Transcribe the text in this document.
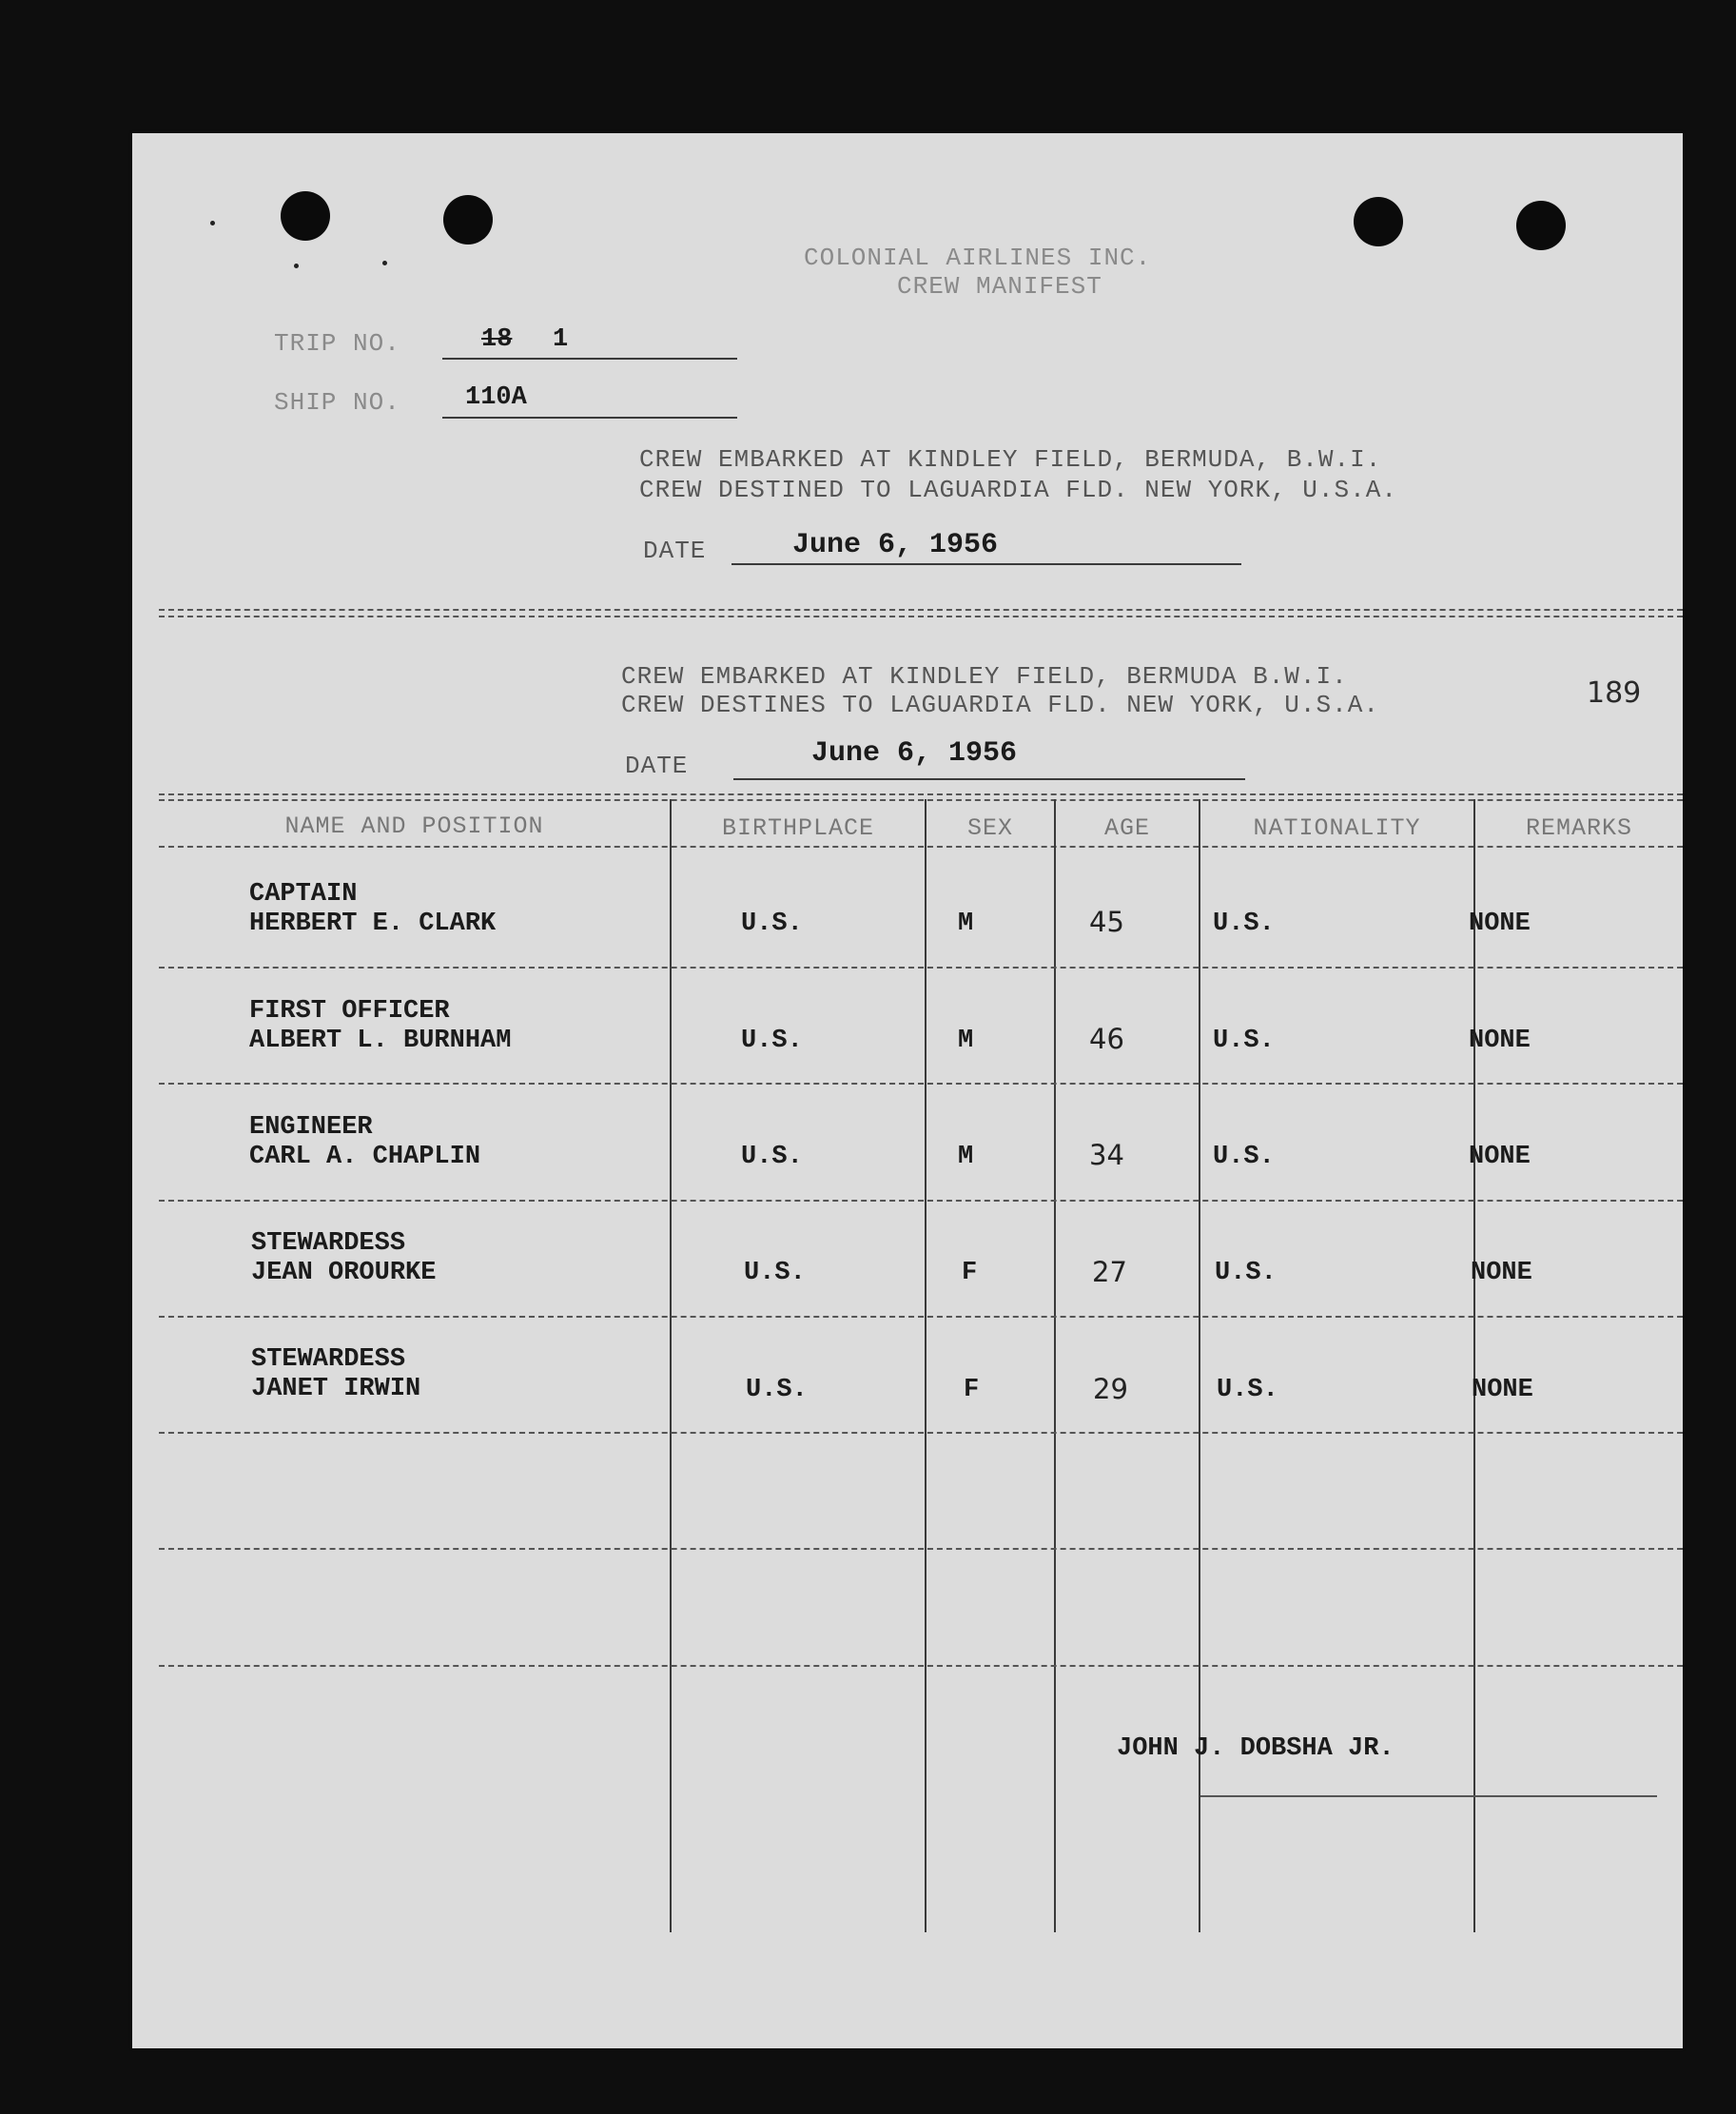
COLONIAL AIRLINES INC.
CREW MANIFEST
TRIP NO.	18 1
SHIP NO.	110A
CREW EMBARKED AT KINDLEY FIELD, BERMUDA, B.W.I.
CREW DESTINED TO LAGUARDIA FLD. NEW YORK, U.S.A.
DATE	June 6, 1956
CREW EMBARKED AT KINDLEY FIELD, BERMUDA B.W.I.
CREW DESTINES TO LAGUARDIA FLD. NEW YORK, U.S.A.	189
DATE	June 6, 1956
NAME AND POSITION	BIRTHPLACE	SEX	AGE	NATIONALITY	REMARKS
CAPTAIN
HERBERT E. CLARK	U.S.	M	45	U.S.	NONE
FIRST OFFICER
ALBERT L. BURNHAM	U.S.	M	46	U.S.	NONE
ENGINEER
CARL A. CHAPLIN	U.S.	M	34	U.S.	NONE
STEWARDESS
JEAN OROURKE	U.S.	F	27	U.S.	NONE
STEWARDESS
JANET IRWIN	U.S.	F	29	U.S.	NONE
JOHN J. DOBSHA JR.
